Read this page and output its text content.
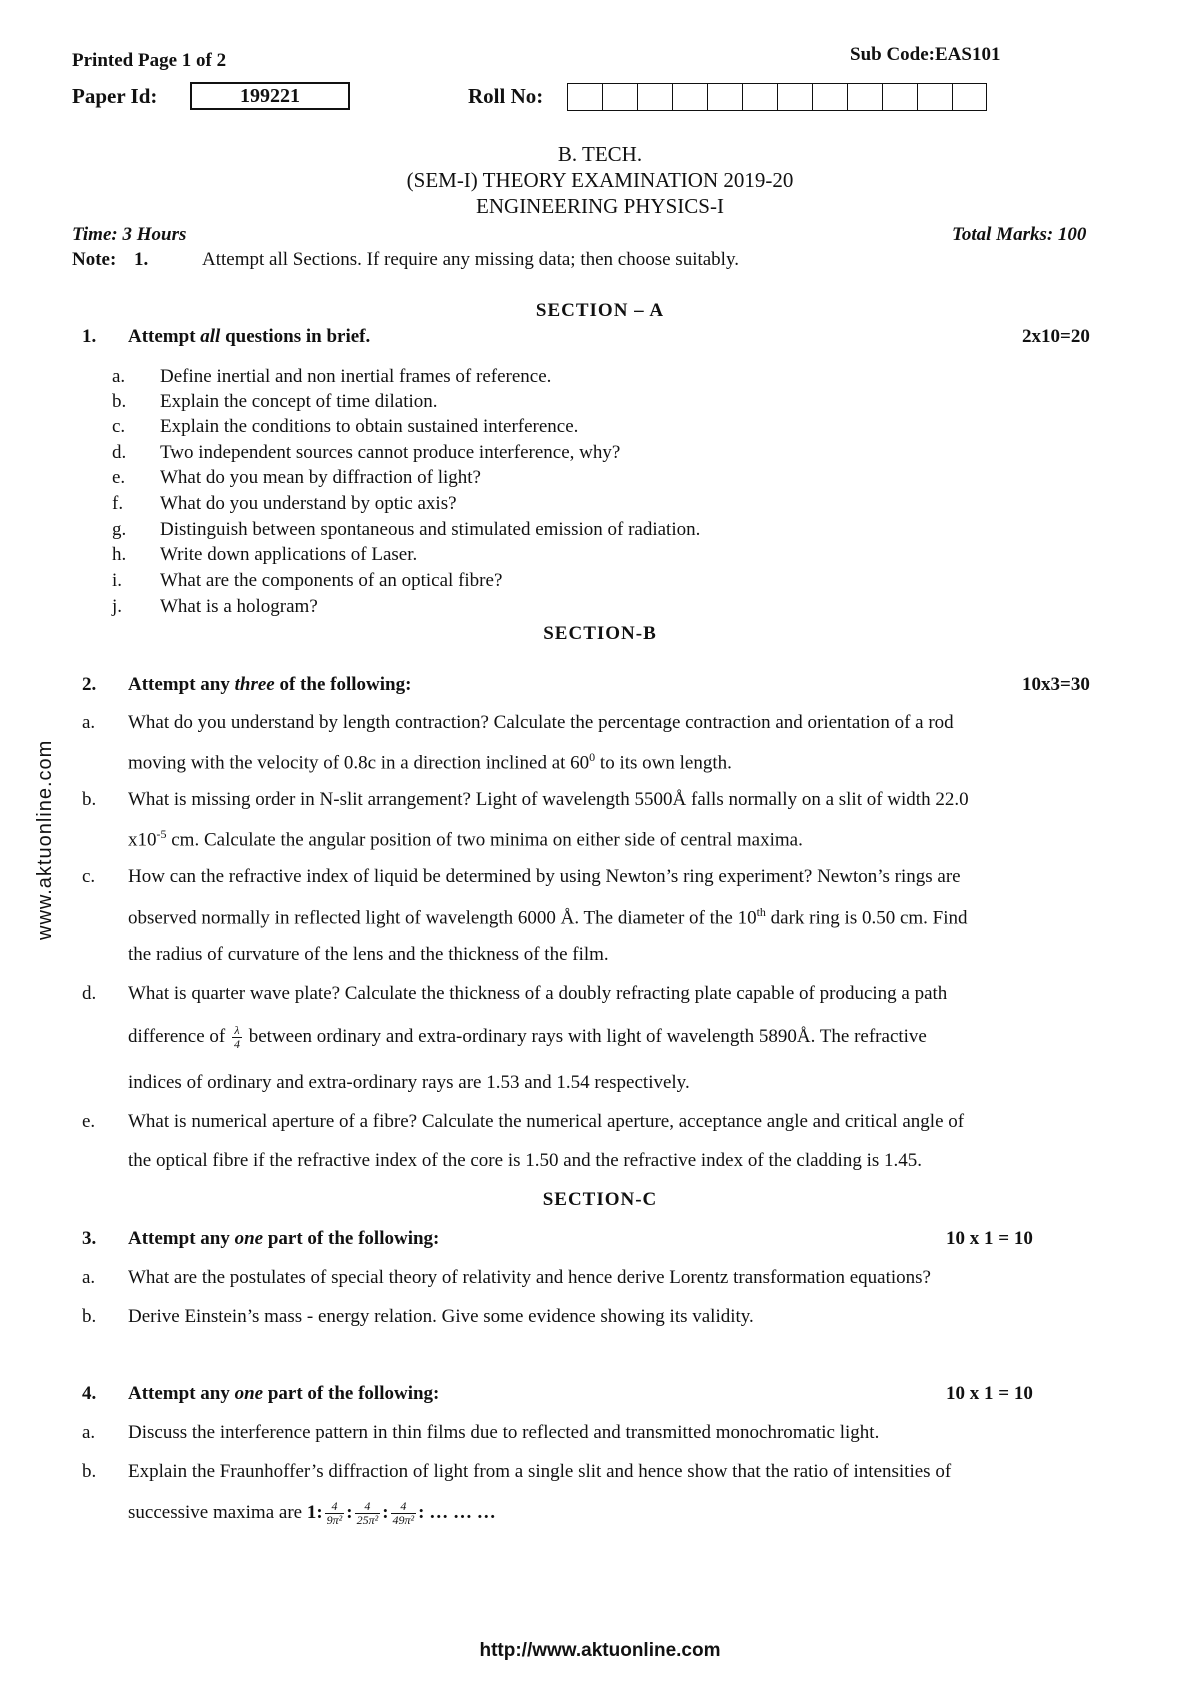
Printed Page 1 of 2	Sub Code:EAS101
Paper Id:	199221	Roll No:
B. TECH.
(SEM-I) THEORY EXAMINATION 2019-20
ENGINEERING PHYSICS-I
Time: 3 Hours	Total Marks: 100
Note: 1.	Attempt all Sections. If require any missing data; then choose suitably.
SECTION – A
1. Attempt all questions in brief.	2x10=20
a. Define inertial and non inertial frames of reference.
b. Explain the concept of time dilation.
c. Explain the conditions to obtain sustained interference.
d. Two independent sources cannot produce interference, why?
e. What do you mean by diffraction of light?
f. What do you understand by optic axis?
g. Distinguish between spontaneous and stimulated emission of radiation.
h. Write down applications of Laser.
i. What are the components of an optical fibre?
j. What is a hologram?
SECTION-B
2. Attempt any three of the following:	10x3=30
a. What do you understand by length contraction? Calculate the percentage contraction and orientation of a rod
moving with the velocity of 0.8c in a direction inclined at $60^0$ to its own length.
b. What is missing order in N-slit arrangement? Light of wavelength 5500Å falls normally on a slit of width 22.0
$x10^{-5}$ cm. Calculate the angular position of two minima on either side of central maxima.
c. How can the refractive index of liquid be determined by using Newton’s ring experiment? Newton’s rings are
observed normally in reflected light of wavelength 6000 Å. The diameter of the 10th dark ring is 0.50 cm. Find
the radius of curvature of the lens and the thickness of the film.
d. What is quarter wave plate? Calculate the thickness of a doubly refracting plate capable of producing a path
difference of $\frac{\lambda}{4}$ between ordinary and extra-ordinary rays with light of wavelength 5890Å. The refractive
indices of ordinary and extra-ordinary rays are 1.53 and 1.54 respectively.
e. What is numerical aperture of a fibre? Calculate the numerical aperture, acceptance angle and critical angle of
the optical fibre if the refractive index of the core is 1.50 and the refractive index of the cladding is 1.45.
SECTION-C
3. Attempt any one part of the following:	10 x 1 = 10
a. What are the postulates of special theory of relativity and hence derive Lorentz transformation equations?
b. Derive Einstein’s mass - energy relation. Give some evidence showing its validity.
4. Attempt any one part of the following:	10 x 1 = 10
a. Discuss the interference pattern in thin films due to reflected and transmitted monochromatic light.
b. Explain the Fraunhoffer’s diffraction of light from a single slit and hence show that the ratio of intensities of
successive maxima are 1: $\frac{4}{\text{9π²}}$ : $\frac{4}{\text{25π²}}$ : $\frac{4}{\text{49π²}}$ : … … …
http://www.aktuonline.com
www.aktuonline.com
